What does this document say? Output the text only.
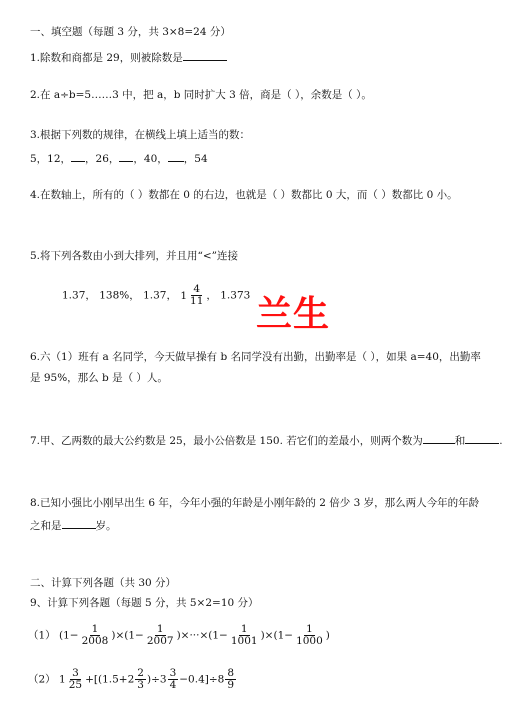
一、填空题（每题 3 分，共 3×8=24 分）
1.除数和商都是 29，则被除数是
2.在 a÷b=5……3 中，把 a，b 同时扩大 3 倍，商是（ ），余数是（ ）。
3.根据下列数的规律，在横线上填上适当的数：
5，12， ，26， ，40， ，54
4.在数轴上，所有的（ ）数都在 0 的右边，也就是（ ）数都比 0 大，而（ ）数都比 0 小。
5.将下列各数由小到大排列，并且用“<”连接
1.37， 138%， 1.37， $1 \frac{4}{11}$ ， 1.373 兰生
6.六（1）班有 a 名同学，今天做早操有 b 名同学没有出勤，出勤率是（ ），如果 a=40，出勤率
是 95%，那么 b 是（ ）人。
7.甲、乙两数的最大公约数是 25，最小公倍数是 150. 若它们的差最小，则两个数为	和	.
8.已知小强比小刚早出生 6 年，今年小强的年龄是小刚年龄的 2 倍少 3 岁，那么两人今年的年龄
之和是	岁。
二、计算下列各题（共 30 分）
9、计算下列各题（每题 5 分，共 5×2=10 分）
（1） $(1- \frac{1}{2008} )\times(1- \frac{1}{2007} )\times\cdot\cdot\cdot\times(1- \frac{1}{1001} )\times(1- \frac{1}{1000}$ )
（2） $1 \frac{3}{25} +[(1.5+2 \frac{2}{3} )\div 3 \frac{3}{4} -0.4]\div 8 \frac{8}{9}$
